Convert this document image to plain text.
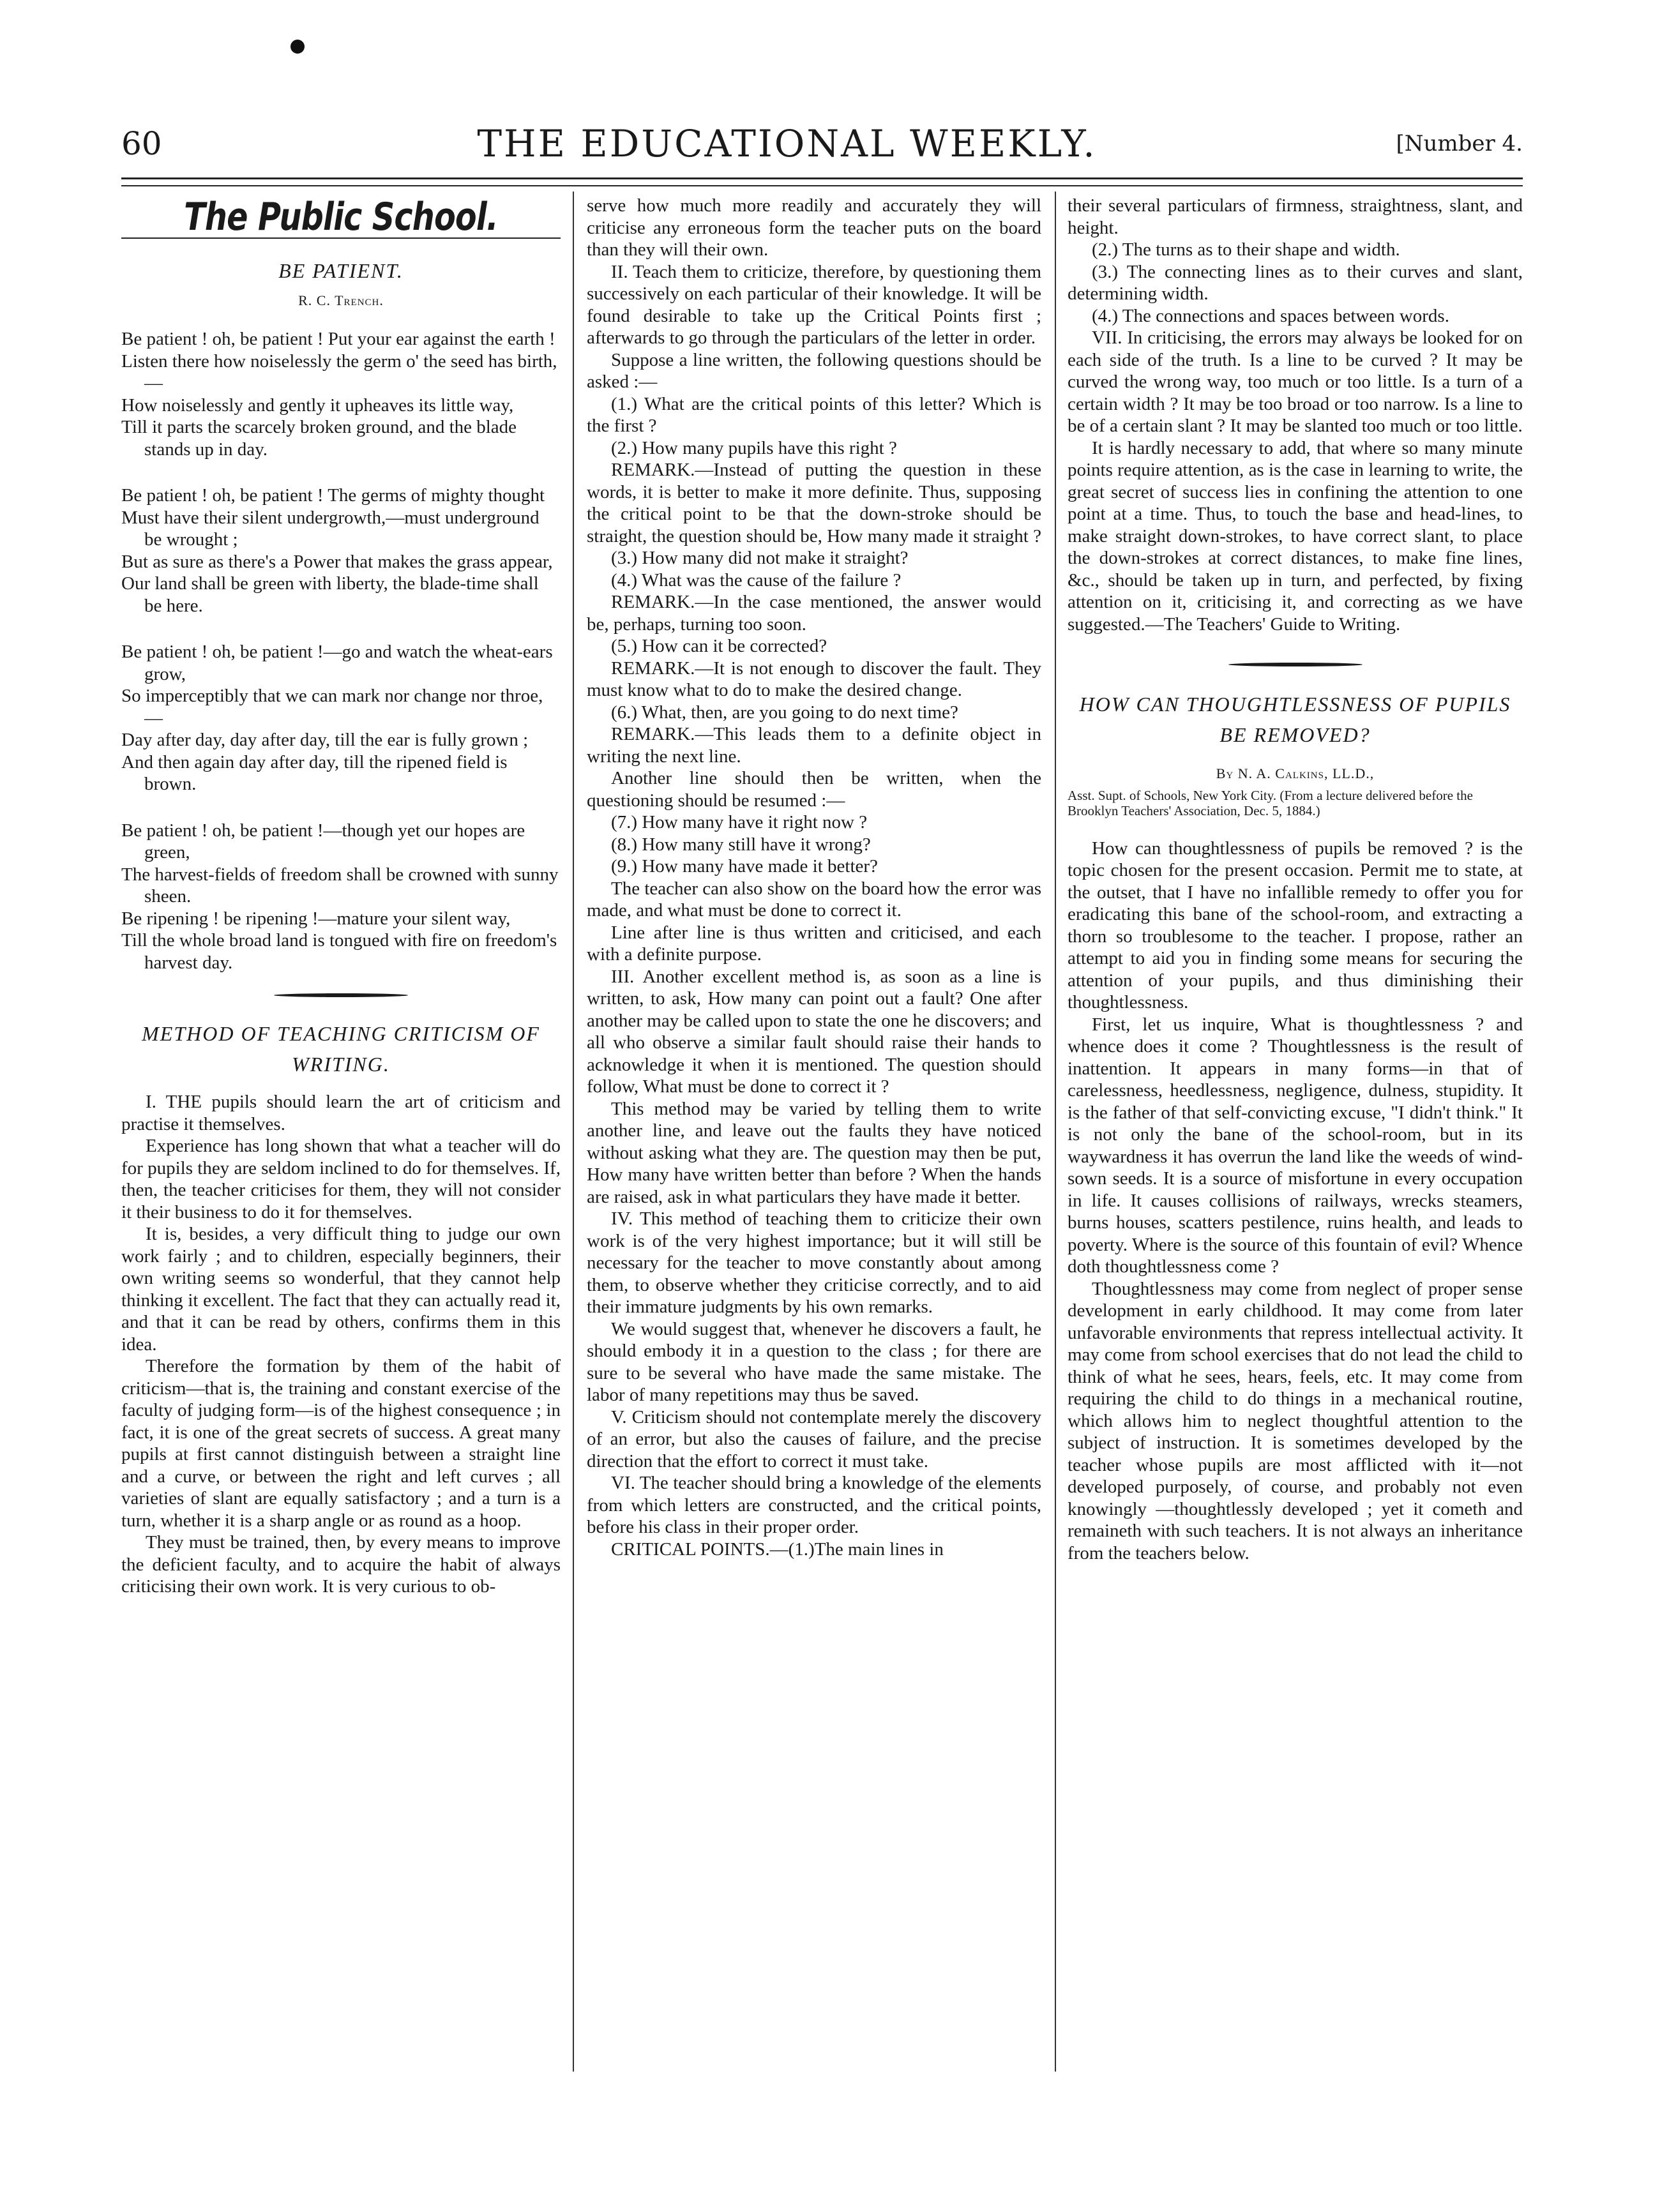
60	THE EDUCATIONAL WEEKLY.	[Number 4.
The Public School.
BE PATIENT.
R. C. Trench.
Be patient ! oh, be patient ! Put your ear against the earth !
Listen there how noiselessly the germ o' the seed has birth,—
How noiselessly and gently it upheaves its little way,
Till it parts the scarcely broken ground, and the blade stands up in day.
Be patient ! oh, be patient ! The germs of mighty thought
Must have their silent undergrowth,—must underground be wrought ;
But as sure as there's a Power that makes the grass appear,
Our land shall be green with liberty, the blade-time shall be here.
Be patient ! oh, be patient !—go and watch the wheat-ears grow,
So imperceptibly that we can mark nor change nor throe,—
Day after day, day after day, till the ear is fully grown ;
And then again day after day, till the ripened field is brown.
Be patient ! oh, be patient !—though yet our hopes are green,
The harvest-fields of freedom shall be crowned with sunny sheen.
Be ripening ! be ripening !—mature your silent way,
Till the whole broad land is tongued with fire on freedom's harvest day.
METHOD OF TEACHING CRITICISM OF WRITING.

I. THE pupils should learn the art of criticism and practise it themselves.

Experience has long shown that what a teacher will do for pupils they are seldom inclined to do for themselves. If, then, the teacher criticises for them, they will not consider it their business to do it for themselves.

It is, besides, a very difficult thing to judge our own work fairly ; and to children, especially beginners, their own writing seems so wonderful, that they cannot help thinking it excellent. The fact that they can actually read it, and that it can be read by others, confirms them in this idea.

Therefore the formation by them of the habit of criticism—that is, the training and constant exercise of the faculty of judging form—is of the highest consequence ; in fact, it is one of the great secrets of success. A great many pupils at first cannot distinguish between a straight line and a curve, or between the right and left curves ; all varieties of slant are equally satisfactory ; and a turn is a turn, whether it is a sharp angle or as round as a hoop.

They must be trained, then, by every means to improve the deficient faculty, and to acquire the habit of always criticising their own work. It is very curious to ob-

serve how much more readily and accurately they will criticise any erroneous form the teacher puts on the board than they will their own.

II. Teach them to criticize, therefore, by questioning them successively on each particular of their knowledge. It will be found desirable to take up the Critical Points first ; afterwards to go through the particulars of the letter in order.

Suppose a line written, the following questions should be asked :—

(1.) What are the critical points of this letter? Which is the first ?

(2.) How many pupils have this right ?

REMARK.—Instead of putting the question in these words, it is better to make it more definite. Thus, supposing the critical point to be that the down-stroke should be straight, the question should be, How many made it straight ?

(3.) How many did not make it straight?

(4.) What was the cause of the failure ?

REMARK.—In the case mentioned, the answer would be, perhaps, turning too soon.

(5.) How can it be corrected?

REMARK.—It is not enough to discover the fault. They must know what to do to make the desired change.

(6.) What, then, are you going to do next time?

REMARK.—This leads them to a definite object in writing the next line.

Another line should then be written, when the questioning should be resumed :—

(7.) How many have it right now ?

(8.) How many still have it wrong?

(9.) How many have made it better?

The teacher can also show on the board how the error was made, and what must be done to correct it.

Line after line is thus written and criticised, and each with a definite purpose.

III. Another excellent method is, as soon as a line is written, to ask, How many can point out a fault? One after another may be called upon to state the one he discovers; and all who observe a similar fault should raise their hands to acknowledge it when it is mentioned. The question should follow, What must be done to correct it ?

This method may be varied by telling them to write another line, and leave out the faults they have noticed without asking what they are. The question may then be put, How many have written better than before ? When the hands are raised, ask in what particulars they have made it better.

IV. This method of teaching them to criticize their own work is of the very highest importance; but it will still be necessary for the teacher to move constantly about among them, to observe whether they criticise correctly, and to aid their immature judgments by his own remarks.

We would suggest that, whenever he discovers a fault, he should embody it in a question to the class ; for there are sure to be several who have made the same mistake. The labor of many repetitions may thus be saved.

V. Criticism should not contemplate merely the discovery of an error, but also the causes of failure, and the precise direction that the effort to correct it must take.

VI. The teacher should bring a knowledge of the elements from which letters are constructed, and the critical points, before his class in their proper order.

CRITICAL POINTS.—(1.)The main lines in

their several particulars of firmness, straightness, slant, and height.

(2.) The turns as to their shape and width.

(3.) The connecting lines as to their curves and slant, determining width.

(4.) The connections and spaces between words.

VII. In criticising, the errors may always be looked for on each side of the truth. Is a line to be curved ? It may be curved the wrong way, too much or too little. Is a turn of a certain width ? It may be too broad or too narrow. Is a line to be of a certain slant ? It may be slanted too much or too little.

It is hardly necessary to add, that where so many minute points require attention, as is the case in learning to write, the great secret of success lies in confining the attention to one point at a time. Thus, to touch the base and head-lines, to make straight down-strokes, to have correct slant, to place the down-strokes at correct distances, to make fine lines, &c., should be taken up in turn, and perfected, by fixing attention on it, criticising it, and correcting as we have suggested.—The Teachers' Guide to Writing.

HOW CAN THOUGHTLESSNESS OF PUPILS BE REMOVED?
By N. A. Calkins, LL.D.,

Asst. Supt. of Schools, New York City. (From a lecture delivered before the Brooklyn Teachers' Association, Dec. 5, 1884.)

How can thoughtlessness of pupils be removed ? is the topic chosen for the present occasion. Permit me to state, at the outset, that I have no infallible remedy to offer you for eradicating this bane of the school-room, and extracting a thorn so troublesome to the teacher. I propose, rather an attempt to aid you in finding some means for securing the attention of your pupils, and thus diminishing their thoughtlessness.

First, let us inquire, What is thoughtlessness ? and whence does it come ? Thoughtlessness is the result of inattention. It appears in many forms—in that of carelessness, heedlessness, negligence, dulness, stupidity. It is the father of that self-convicting excuse, "I didn't think." It is not only the bane of the school-room, but in its waywardness it has overrun the land like the weeds of wind-sown seeds. It is a source of misfortune in every occupation in life. It causes collisions of railways, wrecks steamers, burns houses, scatters pestilence, ruins health, and leads to poverty. Where is the source of this fountain of evil? Whence doth thoughtlessness come ?

Thoughtlessness may come from neglect of proper sense development in early childhood. It may come from later unfavorable environments that repress intellectual activity. It may come from school exercises that do not lead the child to think of what he sees, hears, feels, etc. It may come from requiring the child to do things in a mechanical routine, which allows him to neglect thoughtful attention to the subject of instruction. It is sometimes developed by the teacher whose pupils are most afflicted with it—not developed purposely, of course, and probably not even knowingly —thoughtlessly developed ; yet it cometh and remaineth with such teachers. It is not always an inheritance from the teachers below.
